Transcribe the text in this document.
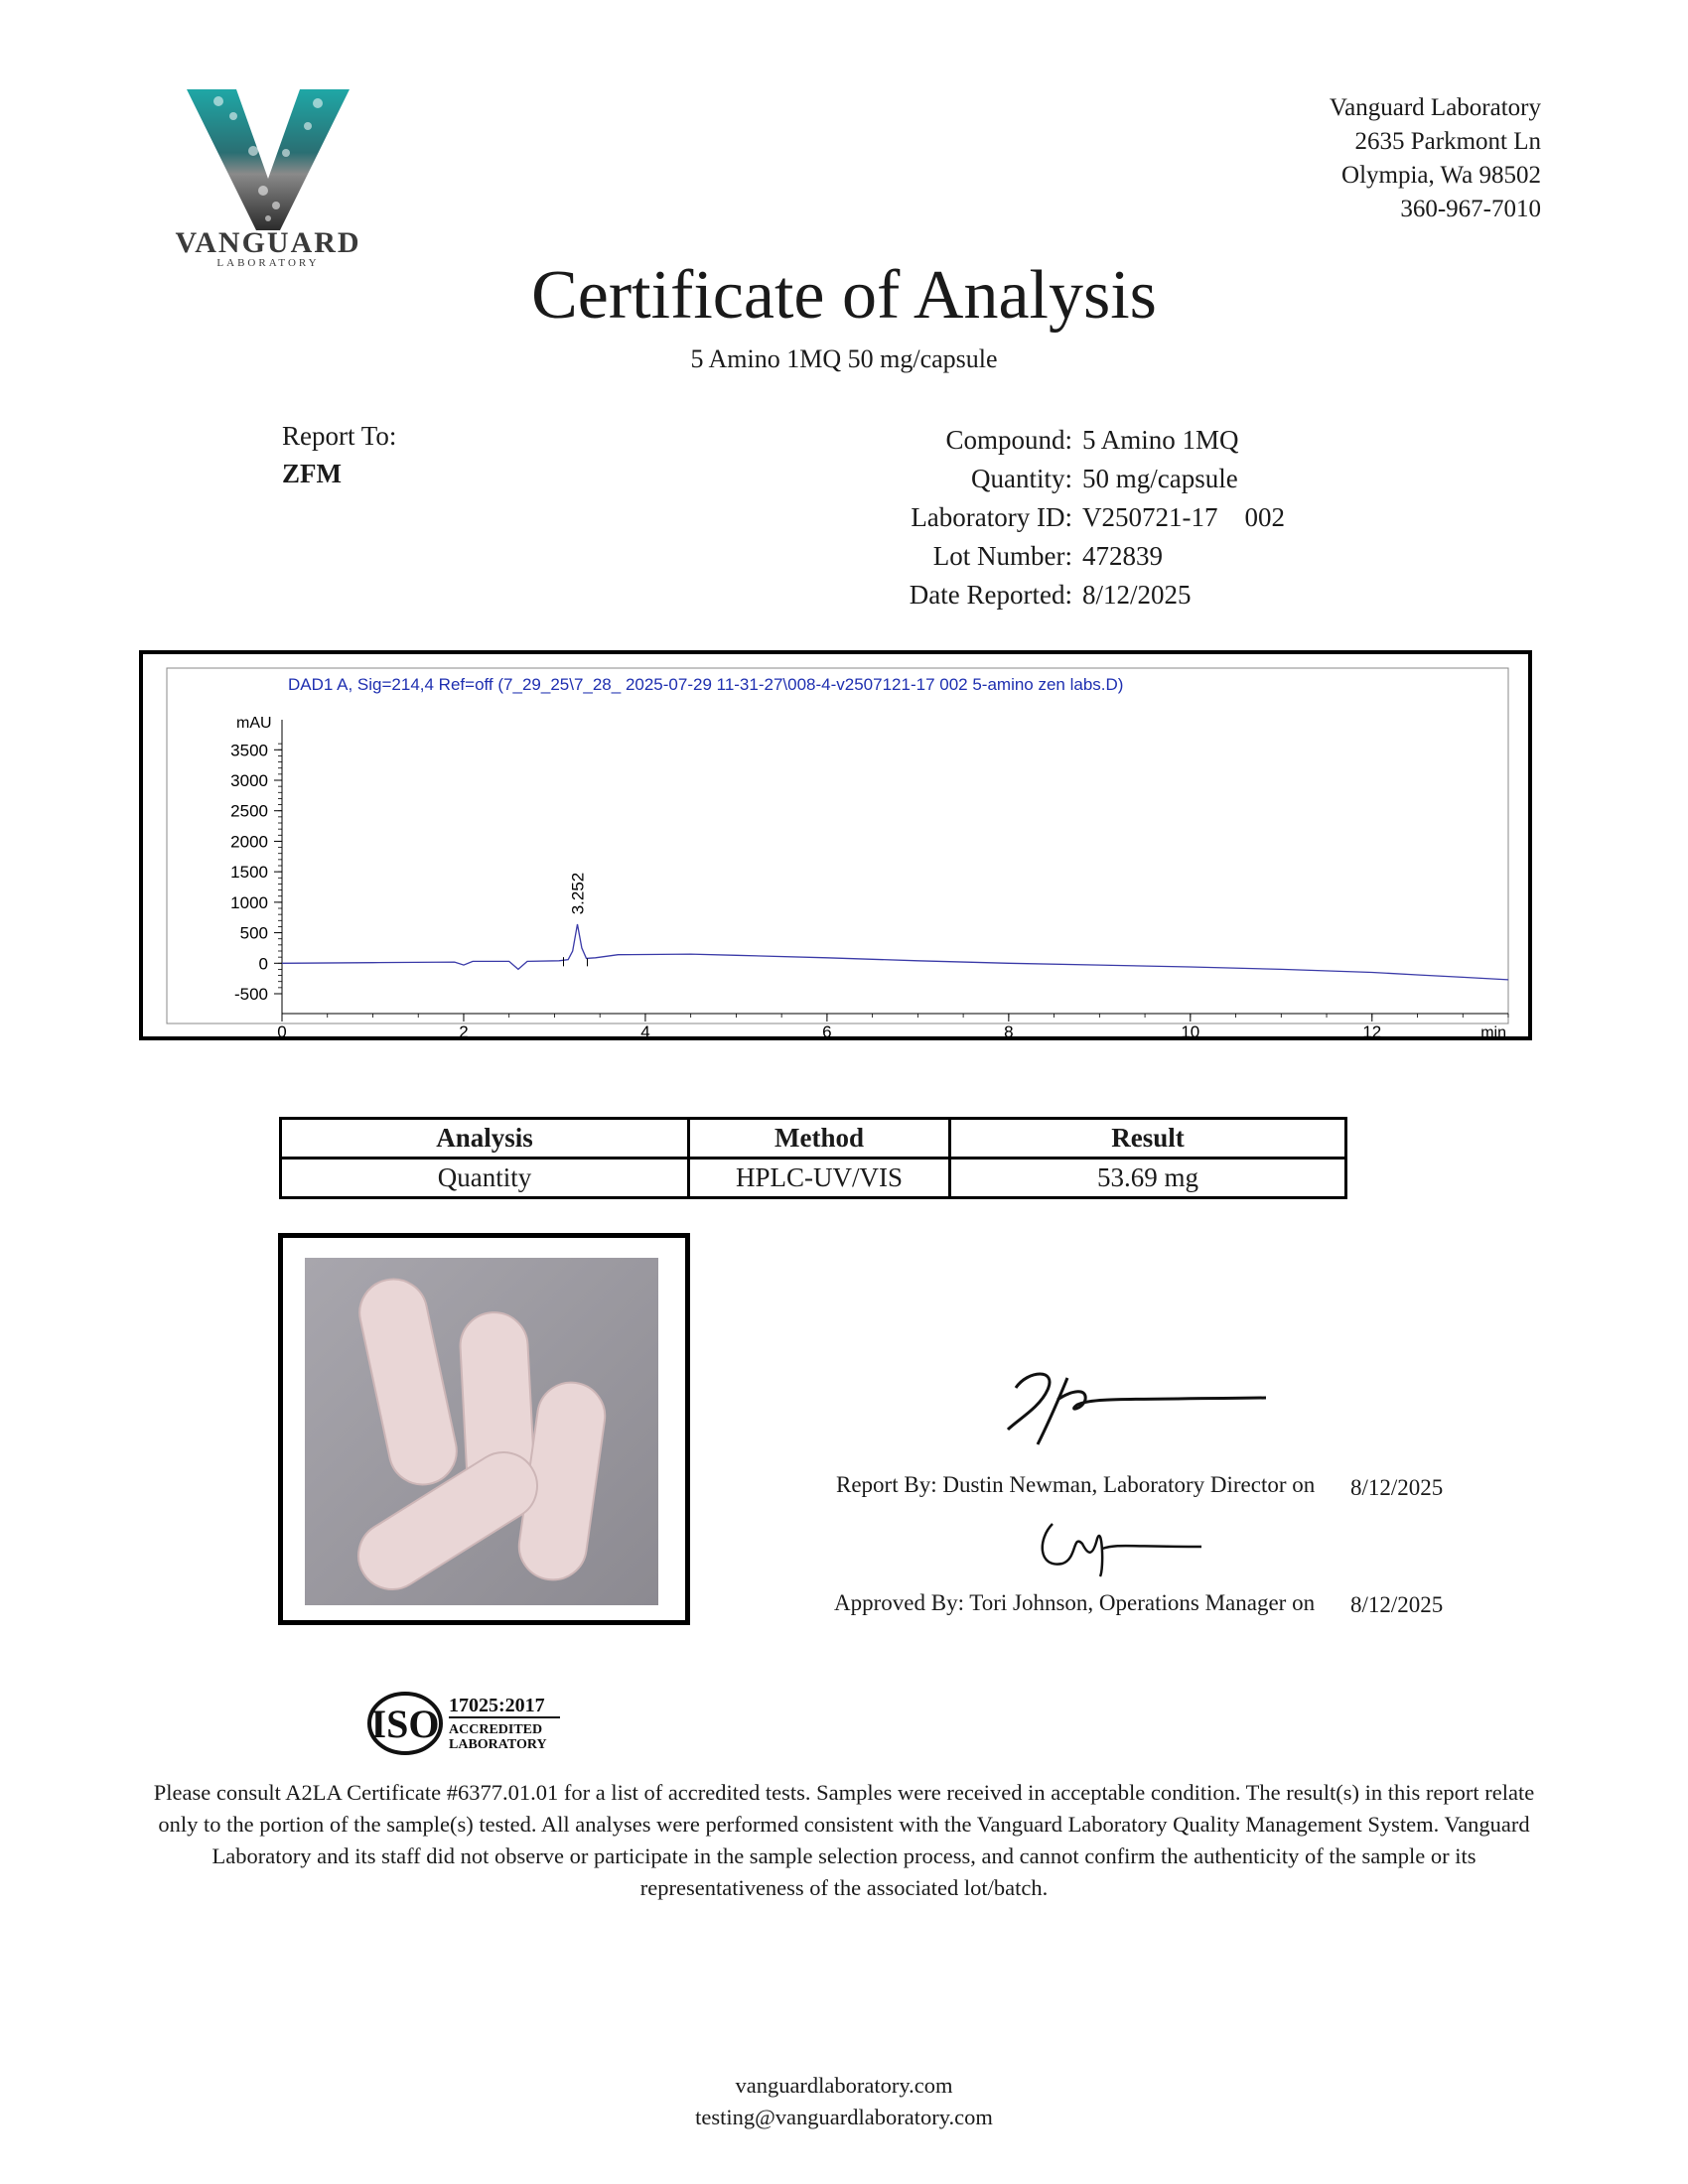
VANGUARD
LABORATORY
Vanguard Laboratory
2635 Parkmont Ln
Olympia, Wa 98502
360-967-7010
Certificate of Analysis
5 Amino 1MQ 50 mg/capsule
Report To:
ZFM
Compound: 5 Amino 1MQ
Quantity: 50 mg/capsule
Laboratory ID: V250721-17    002
Lot Number: 472839
Date Reported: 8/12/2025
DAD1 A, Sig=214,4 Ref=off (7_29_25\7_28_ 2025-07-29 11-31-27\008-4-v2507121-17 002 5-amino zen labs.D)
mAU
-500
0
500
1000
1500
2000
2500
3000
3500
0	2	4	6	8	10	12	min
3.252
Analysis	Method	Result
Quantity	HPLC-UV/VIS	53.69 mg
Report By: Dustin Newman, Laboratory Director on 8/12/2025
Approved By: Tori Johnson, Operations Manager on 8/12/2025
ISO 17025:2017
ACCREDITED
LABORATORY
Please consult A2LA Certificate #6377.01.01 for a list of accredited tests. Samples were received in acceptable condition. The result(s) in this report relate only to the portion of the sample(s) tested. All analyses were performed consistent with the Vanguard Laboratory Quality Management System. Vanguard Laboratory and its staff did not observe or participate in the sample selection process, and cannot confirm the authenticity of the sample or its representativeness of the associated lot/batch.
vanguardlaboratory.com
testing@vanguardlaboratory.com
